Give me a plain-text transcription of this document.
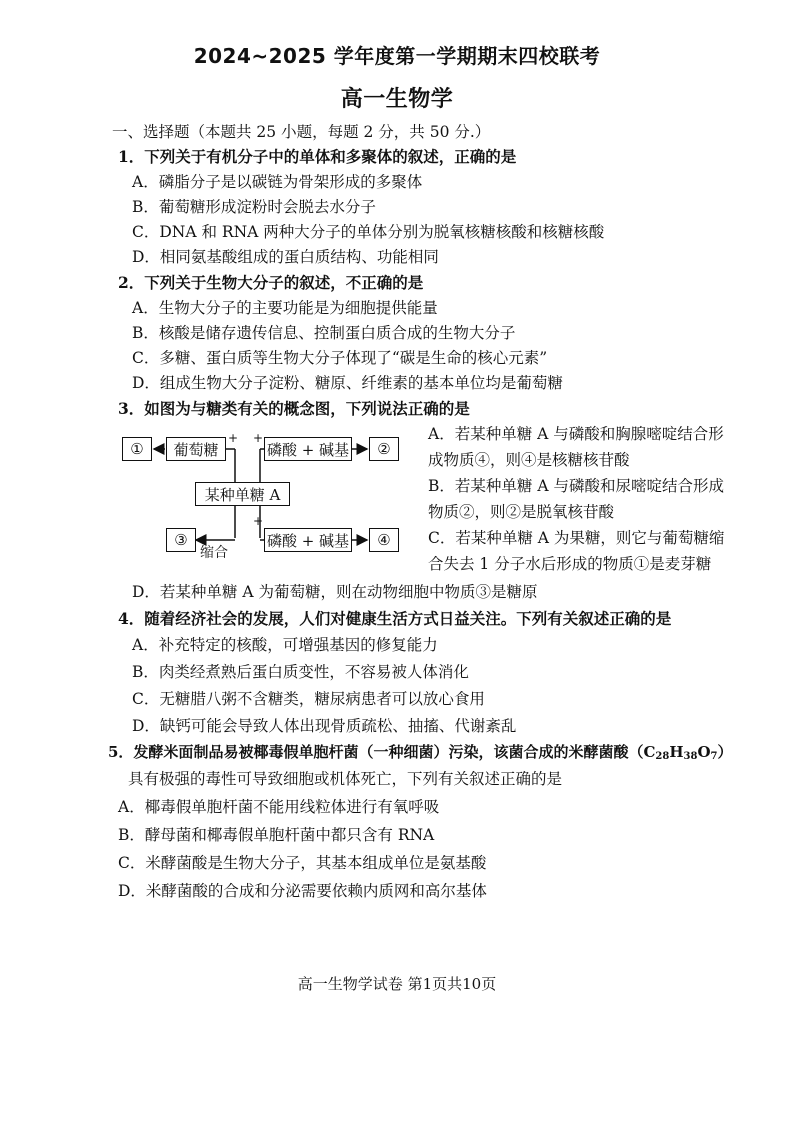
2024~2025 学年度第一学期期末四校联考
高一生物学
一、选择题（本题共 25 小题，每题 2 分，共 50 分.）
1．下列关于有机分子中的单体和多聚体的叙述，正确的是
A．磷脂分子是以碳链为骨架形成的多聚体
B．葡萄糖形成淀粉时会脱去水分子
C．DNA 和 RNA 两种大分子的单体分别为脱氧核糖核酸和核糖核酸
D．相同氨基酸组成的蛋白质结构、功能相同
2．下列关于生物大分子的叙述，不正确的是
A．生物大分子的主要功能是为细胞提供能量
B．核酸是储存遗传信息、控制蛋白质合成的生物大分子
C．多糖、蛋白质等生物大分子体现了“碳是生命的核心元素”
D．组成生物大分子淀粉、糖原、纤维素的基本单位均是葡萄糖
3．如图为与糖类有关的概念图，下列说法正确的是
①	葡萄糖
+ +
磷酸 + 碱基	②
某种单糖 A
③
缩合
+
磷酸 + 碱基	④
A．若某种单糖 A 与磷酸和胸腺嘧啶结合形
成物质④，则④是核糖核苷酸
B．若某种单糖 A 与磷酸和尿嘧啶结合形成
物质②，则②是脱氧核苷酸
C．若某种单糖 A 为果糖，则它与葡萄糖缩
合失去 1 分子水后形成的物质①是麦芽糖
D．若某种单糖 A 为葡萄糖，则在动物细胞中物质③是糖原
4．随着经济社会的发展，人们对健康生活方式日益关注。下列有关叙述正确的是
A．补充特定的核酸，可增强基因的修复能力
B．肉类经煮熟后蛋白质变性，不容易被人体消化
C．无糖腊八粥不含糖类，糖尿病患者可以放心食用
D．缺钙可能会导致人体出现骨质疏松、抽搐、代谢紊乱
5．发酵米面制品易被椰毒假单胞杆菌（一种细菌）污染，该菌合成的米酵菌酸$(C_{28}H_{38}O_7)$
具有极强的毒性可导致细胞或机体死亡，下列有关叙述正确的是
A．椰毒假单胞杆菌不能用线粒体进行有氧呼吸
B．酵母菌和椰毒假单胞杆菌中都只含有 RNA
C．米酵菌酸是生物大分子，其基本组成单位是氨基酸
D．米酵菌酸的合成和分泌需要依赖内质网和高尔基体
高一生物学试卷 第1页共10页
